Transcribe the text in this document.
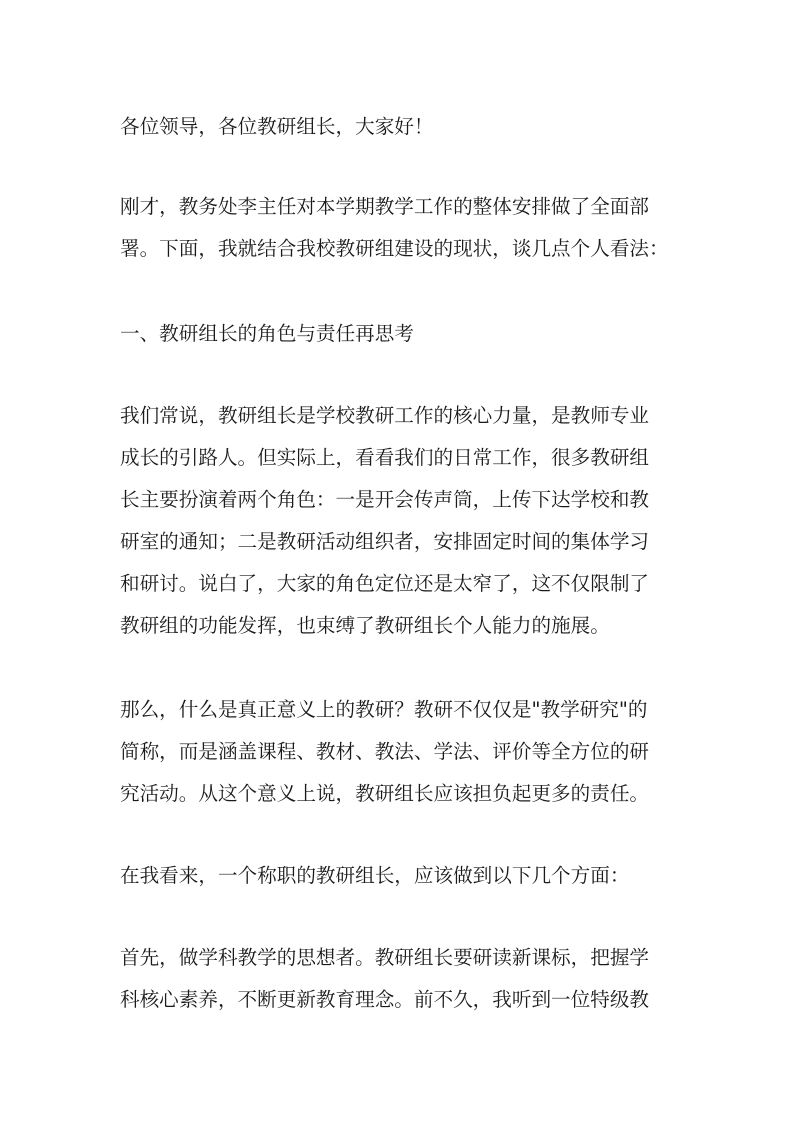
各位领导，各位教研组长，大家好！
刚才，教务处李主任对本学期教学工作的整体安排做了全面部
署。下面，我就结合我校教研组建设的现状，谈几点个人看法：
一、教研组长的角色与责任再思考
我们常说，教研组长是学校教研工作的核心力量，是教师专业
成长的引路人。但实际上，看看我们的日常工作，很多教研组
长主要扮演着两个角色：一是开会传声筒，上传下达学校和教
研室的通知；二是教研活动组织者，安排固定时间的集体学习
和研讨。说白了，大家的角色定位还是太窄了，这不仅限制了
教研组的功能发挥，也束缚了教研组长个人能力的施展。
那么，什么是真正意义上的教研？教研不仅仅是"教学研究"的
简称，而是涵盖课程、教材、教法、学法、评价等全方位的研
究活动。从这个意义上说，教研组长应该担负起更多的责任。
在我看来，一个称职的教研组长，应该做到以下几个方面：
首先，做学科教学的思想者。教研组长要研读新课标，把握学
科核心素养，不断更新教育理念。前不久，我听到一位特级教
